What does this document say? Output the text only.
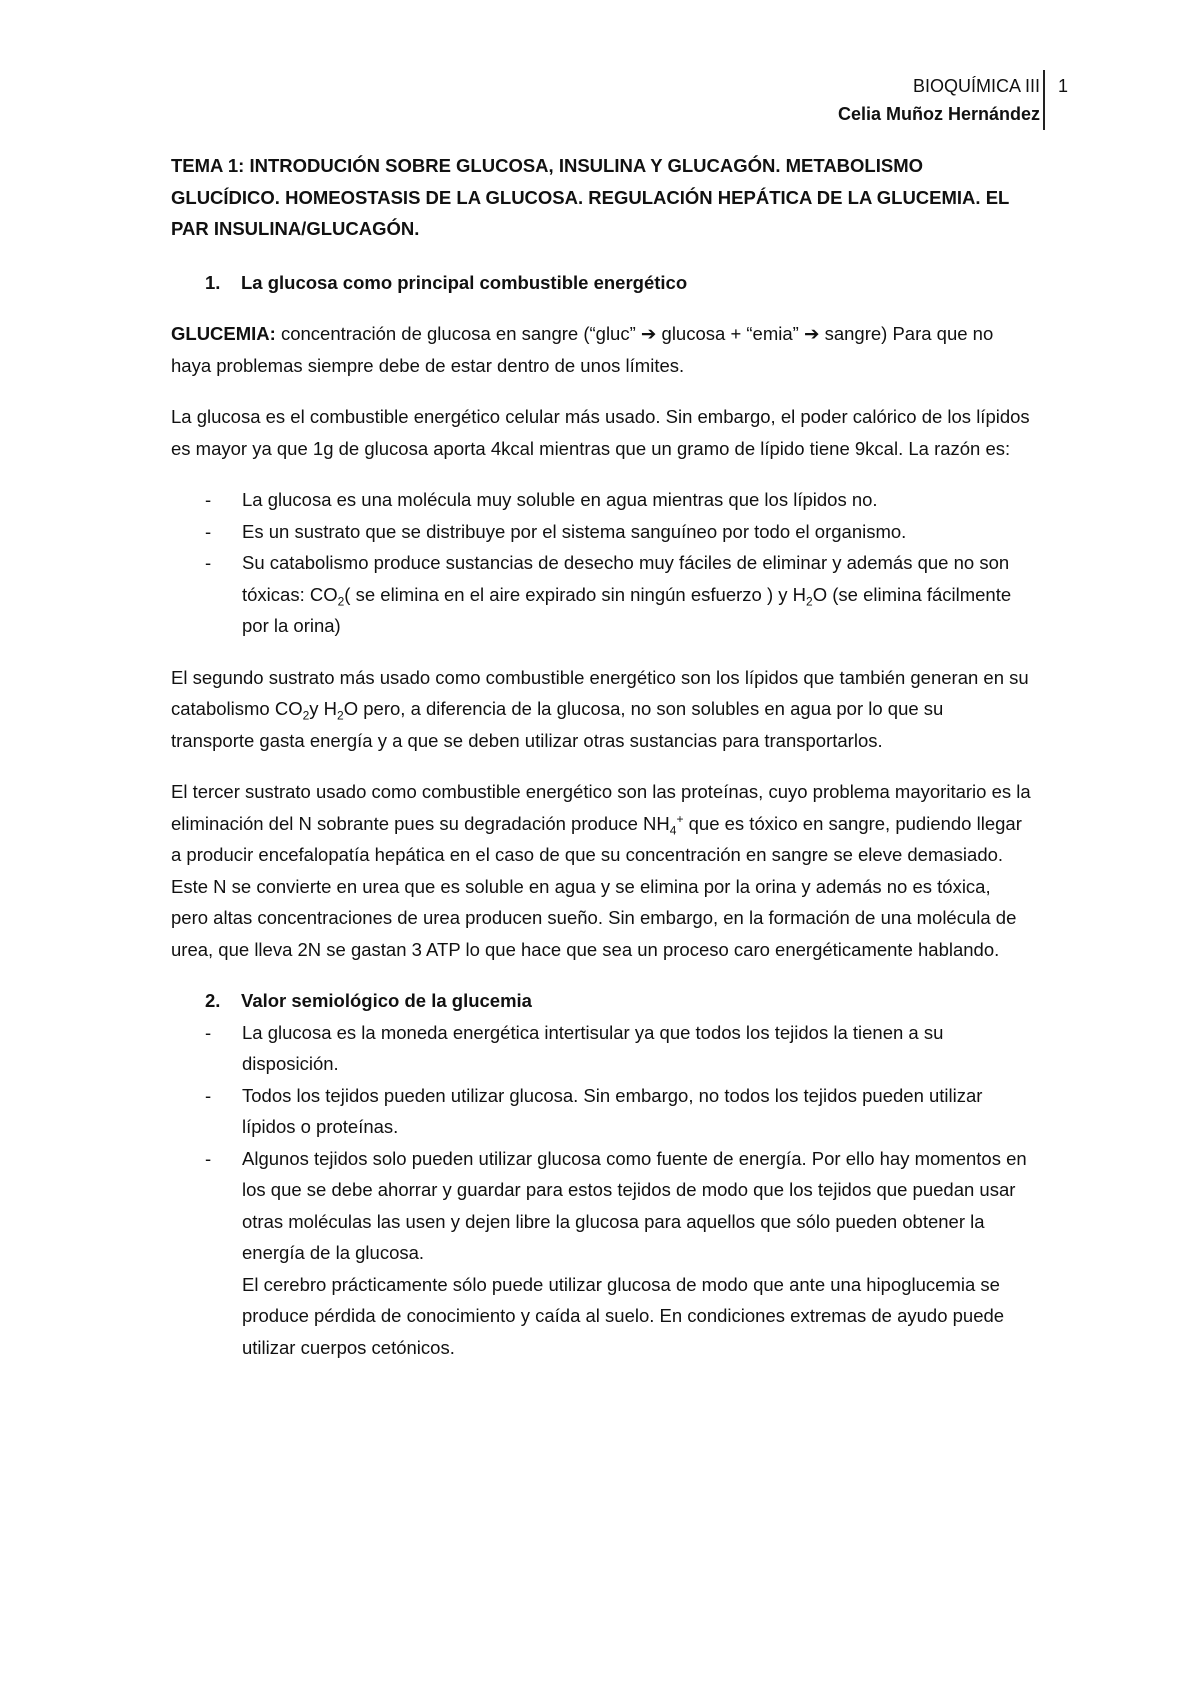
BIOQUÍMICA III
Celia Muñoz Hernández
1
TEMA 1: INTRODUCIÓN SOBRE GLUCOSA, INSULINA Y GLUCAGÓN. METABOLISMO GLUCÍDICO. HOMEOSTASIS DE LA GLUCOSA. REGULACIÓN HEPÁTICA DE LA GLUCEMIA. EL PAR INSULINA/GLUCAGÓN.
1.	La glucosa como principal combustible energético

GLUCEMIA: concentración de glucosa en sangre (“gluc” ➔ glucosa + “emia” ➔ sangre) Para que no haya problemas siempre debe de estar dentro de unos límites.

La glucosa es el combustible energético celular más usado. Sin embargo, el poder calórico de los lípidos es mayor ya que 1g de glucosa aporta 4kcal mientras que un gramo de lípido tiene 9kcal. La razón es:

-	La glucosa es una molécula muy soluble en agua mientras que los lípidos no.
-	Es un sustrato que se distribuye por el sistema sanguíneo por todo el organismo.
-	Su catabolismo produce sustancias de desecho muy fáciles de eliminar y además que no son tóxicas: $CO_2$( se elimina en el aire expirado sin ningún esfuerzo ) y $H_2O$ (se elimina fácilmente por la orina)

El segundo sustrato más usado como combustible energético son los lípidos que también generan en su catabolismo $CO_2y$ $H_2O$ pero, a diferencia de la glucosa, no son solubles en agua por lo que su transporte gasta energía y a que se deben utilizar otras sustancias para transportarlos.

El tercer sustrato usado como combustible energético son las proteínas, cuyo problema mayoritario es la eliminación del N sobrante pues su degradación produce $NH_4^+$ que es tóxico en sangre, pudiendo llegar a producir encefalopatía hepática en el caso de que su concentración en sangre se eleve demasiado. Este N se convierte en urea que es soluble en agua y se elimina por la orina y además no es tóxica, pero altas concentraciones de urea producen sueño. Sin embargo, en la formación de una molécula de urea, que lleva 2N se gastan 3 ATP lo que hace que sea un proceso caro energéticamente hablando.

2.	Valor semiológico de la glucemia
-	La glucosa es la moneda energética intertisular ya que todos los tejidos la tienen a su disposición.
-	Todos los tejidos pueden utilizar glucosa. Sin embargo, no todos los tejidos pueden utilizar lípidos o proteínas.
-	Algunos tejidos solo pueden utilizar glucosa como fuente de energía. Por ello hay momentos en los que se debe ahorrar y guardar para estos tejidos de modo que los tejidos que puedan usar otras moléculas las usen y dejen libre la glucosa para aquellos que sólo pueden obtener la energía de la glucosa.

El cerebro prácticamente sólo puede utilizar glucosa de modo que ante una hipoglucemia se produce pérdida de conocimiento y caída al suelo. En condiciones extremas de ayudo puede utilizar cuerpos cetónicos.
